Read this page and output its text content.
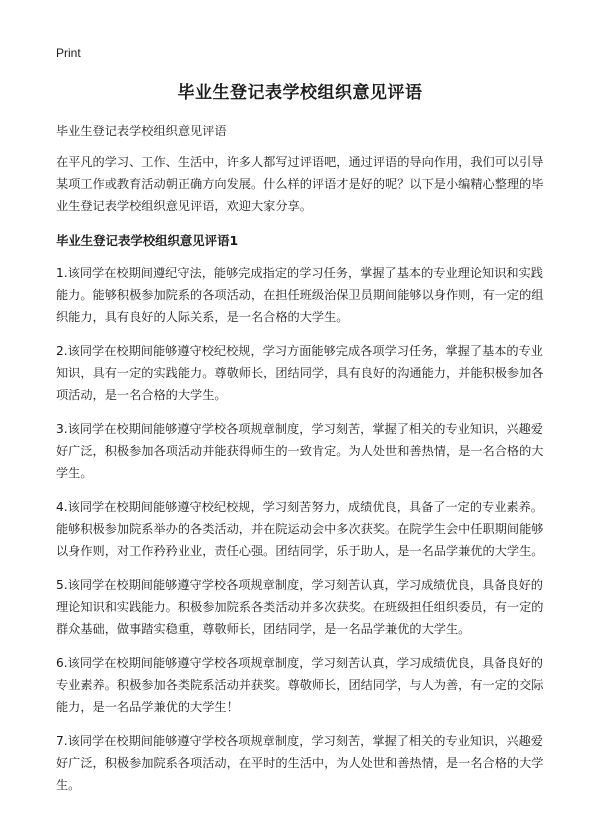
Print
毕业生登记表学校组织意见评语

毕业生登记表学校组织意见评语

在平凡的学习、工作、生活中，许多人都写过评语吧，通过评语的导向作用，我们可以引导某项工作或教育活动朝正确方向发展。什么样的评语才是好的呢？以下是小编精心整理的毕业生登记表学校组织意见评语，欢迎大家分享。

毕业生登记表学校组织意见评语1

1.该同学在校期间遵纪守法，能够完成指定的学习任务，掌握了基本的专业理论知识和实践能力。能够积极参加院系的各项活动，在担任班级治保卫员期间能够以身作则，有一定的组织能力，具有良好的人际关系，是一名合格的大学生。

2.该同学在校期间能够遵守校纪校规，学习方面能够完成各项学习任务，掌握了基本的专业知识，具有一定的实践能力。尊敬师长，团结同学，具有良好的沟通能力，并能积极参加各项活动，是一名合格的大学生。

3.该同学在校期间能够遵守学校各项规章制度，学习刻苦，掌握了相关的专业知识，兴趣爱好广泛，积极参加各项活动并能获得师生的一致肯定。为人处世和善热情，是一名合格的大学生。

4.该同学在校期间能够遵守校纪校规，学习刻苦努力，成绩优良，具备了一定的专业素养。能够积极参加院系举办的各类活动，并在院运动会中多次获奖。在院学生会中任职期间能够以身作则，对工作矜矜业业，责任心强。团结同学，乐于助人，是一名品学兼优的大学生。

5.该同学在校期间能够遵守学校各项规章制度，学习刻苦认真，学习成绩优良，具备良好的理论知识和实践能力。积极参加院系各类活动并多次获奖。在班级担任组织委员，有一定的群众基础，做事踏实稳重，尊敬师长，团结同学，是一名品学兼优的大学生。

6.该同学在校期间能够遵守学校各项规章制度，学习刻苦认真，学习成绩优良，具备良好的专业素养。积极参加各类院系活动并获奖。尊敬师长，团结同学，与人为善，有一定的交际能力，是一名品学兼优的大学生！

7.该同学在校期间能够遵守学校各项规章制度，学习刻苦，掌握了相关的专业知识，兴趣爱好广泛，积极参加院系各项活动，在平时的生活中，为人处世和善热情，是一名合格的大学生。
